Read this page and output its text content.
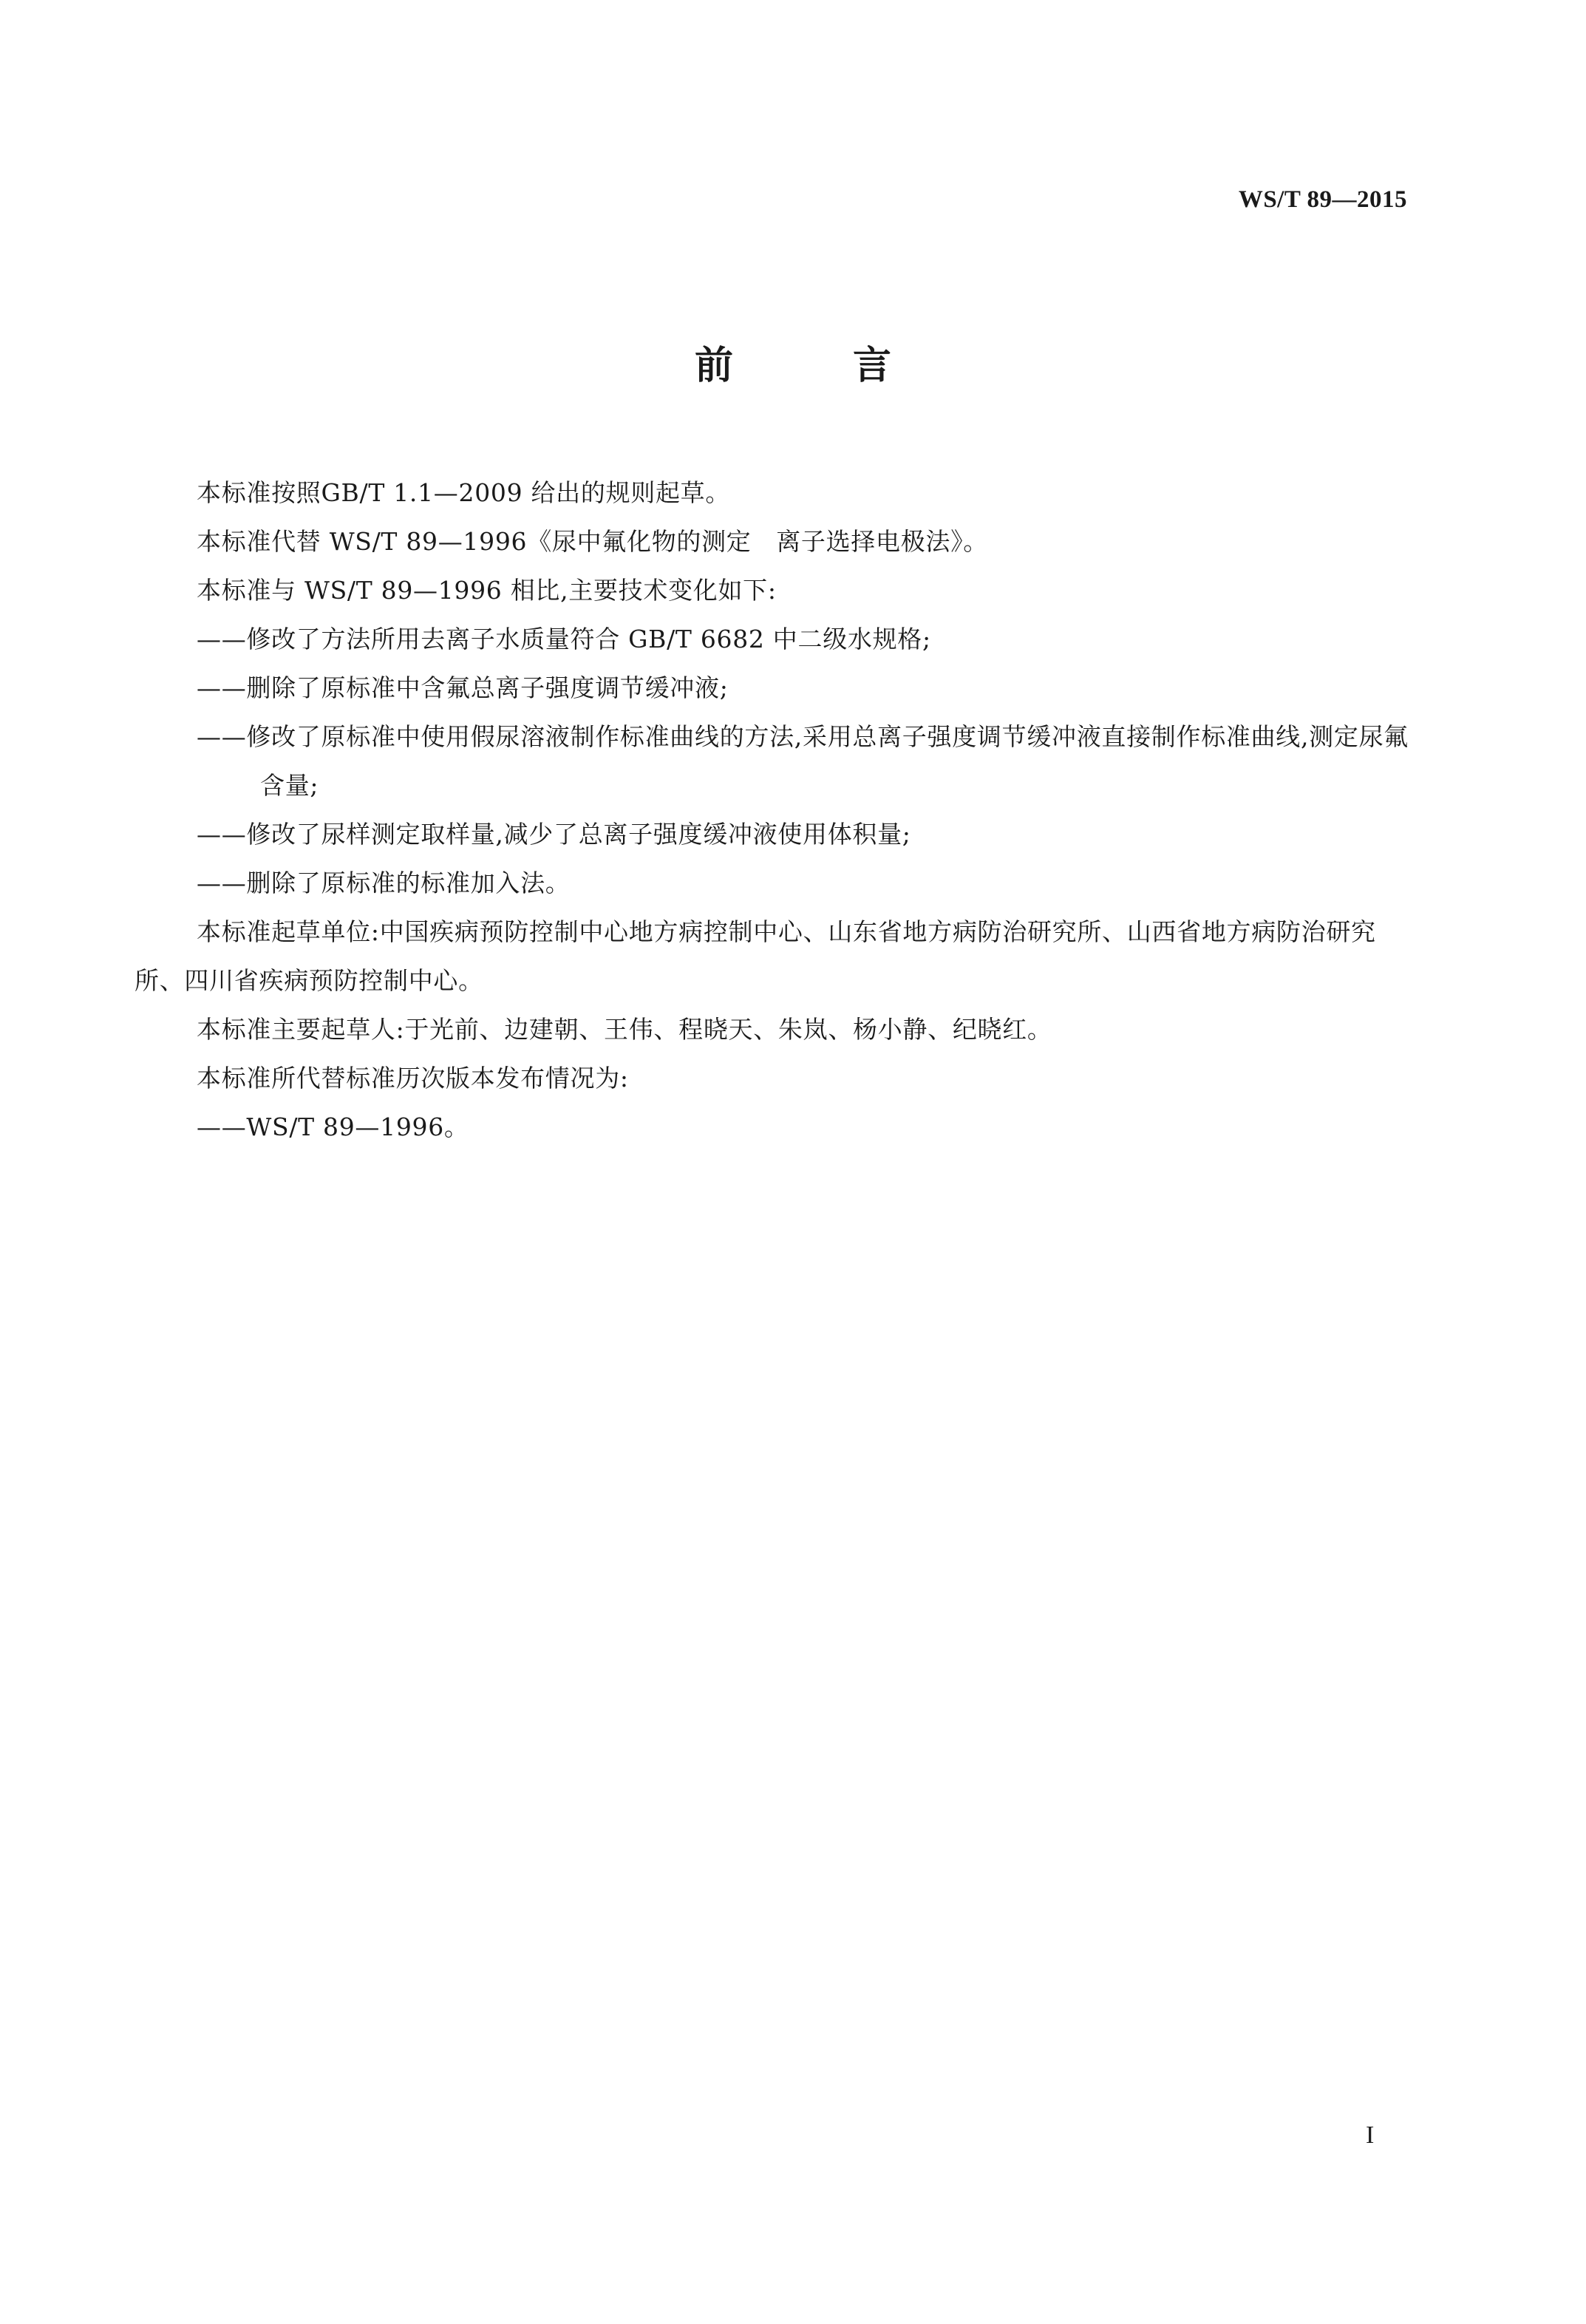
WS/T 89—2015
前 言

本标准按照GB/T 1.1—2009 给出的规则起草。

本标准代替 WS/T 89—1996《尿中氟化物的测定　离子选择电极法》。

本标准与 WS/T 89—1996 相比,主要技术变化如下:

——修改了方法所用去离子水质量符合 GB/T 6682 中二级水规格;

——删除了原标准中含氟总离子强度调节缓冲液;

——修改了原标准中使用假尿溶液制作标准曲线的方法,采用总离子强度调节缓冲液直接制作标准曲线,测定尿氟含量;

——修改了尿样测定取样量,减少了总离子强度缓冲液使用体积量;

——删除了原标准的标准加入法。

本标准起草单位:中国疾病预防控制中心地方病控制中心、山东省地方病防治研究所、山西省地方病防治研究所、四川省疾病预防控制中心。

本标准主要起草人:于光前、边建朝、王伟、程晓天、朱岚、杨小静、纪晓红。

本标准所代替标准历次版本发布情况为:

——WS/T 89—1996。

I
